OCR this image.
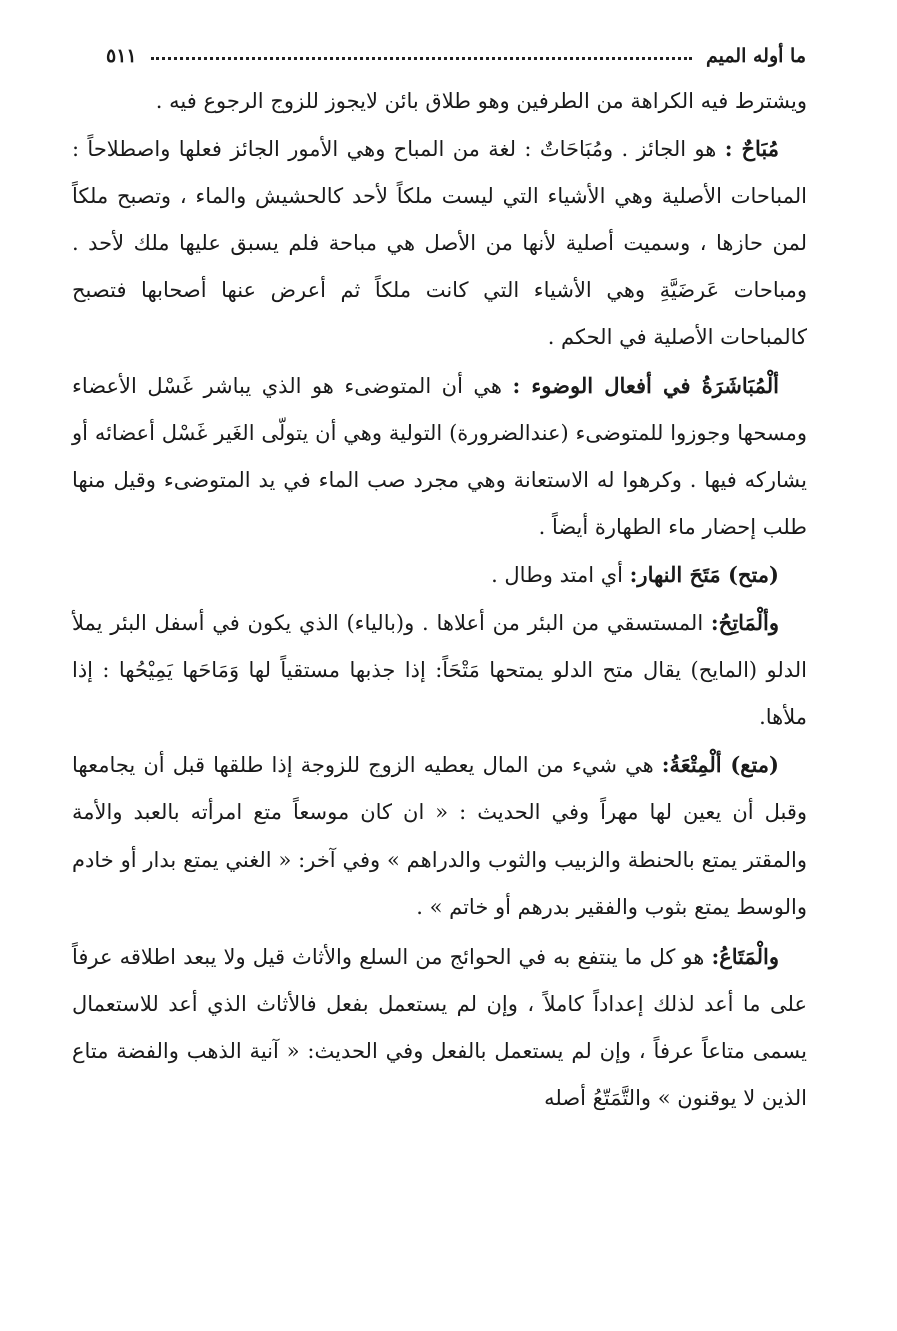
ما أوله الميم
٥١١

ويشترط فيه الكراهة من الطرفين وهو طلاق بائن لايجوز للزوج الرجوع فيه .

مُبَاحٌ : هو الجائز . ومُبَاحَاتٌ : لغة من المباح وهي الأمور الجائز فعلها واصطلاحاً : المباحات الأصلية وهي الأشياء التي ليست ملكاً لأحد كالحشيش والماء ، وتصبح ملكاً لمن حازها ، وسميت أصلية لأنها من الأصل هي مباحة فلم يسبق عليها ملك لأحد . ومباحات عَرضَيَّةِ وهي الأشياء التي كانت ملكاً ثم أعرض عنها أصحابها فتصبح كالمباحات الأصلية في الحكم .

ألْمُبَاشَرَةُ في أفعال الوضوء : هي أن المتوضىء هو الذي يباشر غَسْل الأعضاء ومسحها وجوزوا للمتوضىء (عندالضرورة) التولية وهي أن يتولّى الغَير غَسْل أعضائه أو يشاركه فيها . وكرهوا له الاستعانة وهي مجرد صب الماء في يد المتوضىء وقيل منها طلب إحضار ماء الطهارة أيضاً .

(متح) مَتَحَ النهار: أي امتد وطال .

وألْمَاتِحُ: المستسقي من البئر من أعلاها . و(بالياء) الذي يكون في أسفل البئر يملأ الدلو (المايح) يقال متح الدلو يمتحها مَتْحَاً: إذا جذبها مستقياً لها وَمَاحَها يَمِيْحُها : إذا ملأها.

(متع) ألْمِتْعَةُ: هي شيء من المال يعطيه الزوج للزوجة إذا طلقها قبل أن يجامعها وقبل أن يعين لها مهراً وفي الحديث : « ان كان موسعاً متع امرأته بالعبد والأمة والمقتر يمتع بالحنطة والزبيب والثوب والدراهم » وفي آخر: « الغني يمتع بدار أو خادم والوسط يمتع بثوب والفقير بدرهم أو خاتم » .

والْمَتَاعُ: هو كل ما ينتفع به في الحوائج من السلع والأثاث قيل ولا يبعد اطلاقه عرفاً على ما أعد لذلك إعداداً كاملاً ، وإن لم يستعمل بفعل فالأثاث الذي أعد للاستعمال يسمى متاعاً عرفاً ، وإن لم يستعمل بالفعل وفي الحديث: « آنية الذهب والفضة متاع الذين لا يوقنون » والتَّمَتّعُ أصله
